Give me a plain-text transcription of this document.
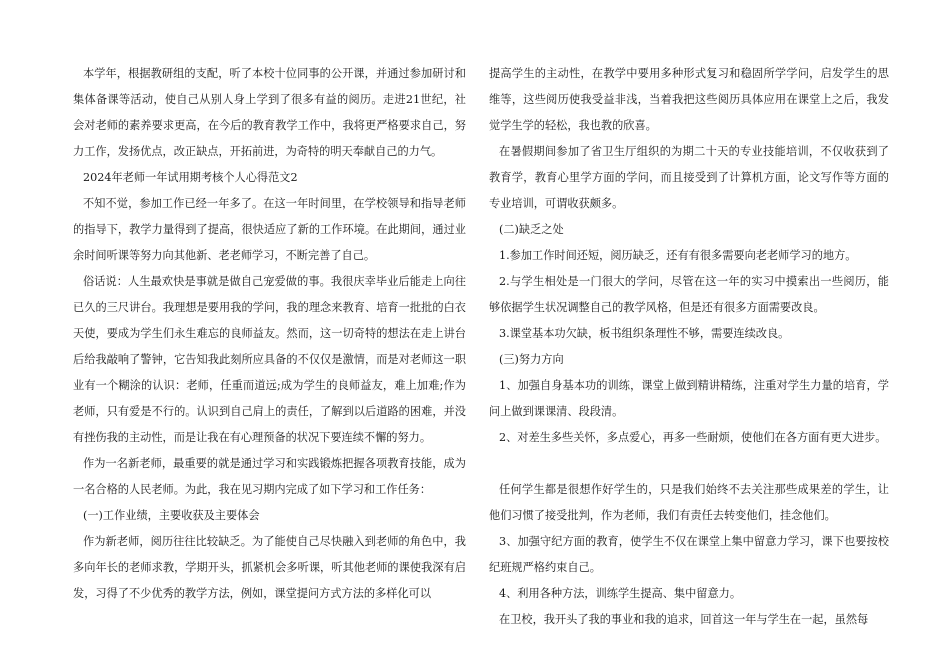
本学年，根据教研组的支配，听了本校十位同事的公开课，并通过参加研讨和集体备课等活动，使自己从别人身上学到了很多有益的阅历。走进21世纪，社会对老师的素养要求更高，在今后的教育教学工作中，我将更严格要求自己，努力工作，发扬优点，改正缺点，开拓前进，为奇特的明天奉献自己的力气。

2024年老师一年试用期考核个人心得范文2

不知不觉，参加工作已经一年多了。在这一年时间里，在学校领导和指导老师的指导下，教学力量得到了提高，很快适应了新的工作环境。在此期间，通过业余时间听课等努力向其他新、老老师学习，不断完善了自己。

俗话说：人生最欢快是事就是做自己宠爱做的事。我很庆幸毕业后能走上向往已久的三尺讲台。我理想是要用我的学问，我的理念来教育、培育一批批的白衣天使，要成为学生们永生难忘的良师益友。然而，这一切奇特的想法在走上讲台后给我敲响了警钟，它告知我此刻所应具备的不仅仅是激情，而是对老师这一职业有一个糊涂的认识：老师，任重而道远;成为学生的良师益友，难上加难;作为老师，只有爱是不行的。认识到自己肩上的责任，了解到以后道路的困难，并没有挫伤我的主动性，而是让我在有心理预备的状况下要连续不懈的努力。

作为一名新老师，最重要的就是通过学习和实践锻炼把握各项教育技能，成为一名合格的人民老师。为此，我在见习期内完成了如下学习和工作任务：

(一)工作业绩，主要收获及主要体会

作为新老师，阅历往往比较缺乏。为了能使自己尽快融入到老师的角色中，我多向年长的老师求教，学期开头，抓紧机会多听课，听其他老师的课使我深有启发，习得了不少优秀的教学方法，例如，课堂提问方式方法的多样化可以

提高学生的主动性，在教学中要用多种形式复习和稳固所学学问，启发学生的思维等，这些阅历使我受益非浅，当着我把这些阅历具体应用在课堂上之后，我发觉学生学的轻松，我也教的欣喜。

在暑假期间参加了省卫生厅组织的为期二十天的专业技能培训，不仅收获到了教育学，教育心里学方面的学问，而且接受到了计算机方面，论文写作等方面的专业培训，可谓收获颇多。

(二)缺乏之处

1.参加工作时间还短，阅历缺乏，还有有很多需要向老老师学习的地方。

2.与学生相处是一门很大的学问，尽管在这一年的实习中摸索出一些阅历，能够依据学生状况调整自己的教学风格，但是还有很多方面需要改良。

3.课堂基本功欠缺，板书组织条理性不够，需要连续改良。

(三)努力方向

1、加强自身基本功的训练，课堂上做到精讲精练，注重对学生力量的培育，学问上做到课课清、段段清。

2、对差生多些关怀，多点爱心，再多一些耐烦，使他们在各方面有更大进步。

任何学生都是很想作好学生的，只是我们始终不去关注那些成果差的学生，让他们习惯了接受批判，作为老师，我们有责任去转变他们，挂念他们。

3、加强守纪方面的教育，使学生不仅在课堂上集中留意力学习，课下也要按校纪班规严格约束自己。

4、利用各种方法，训练学生提高、集中留意力。

在卫校，我开头了我的事业和我的追求，回首这一年与学生在一起，虽然每
